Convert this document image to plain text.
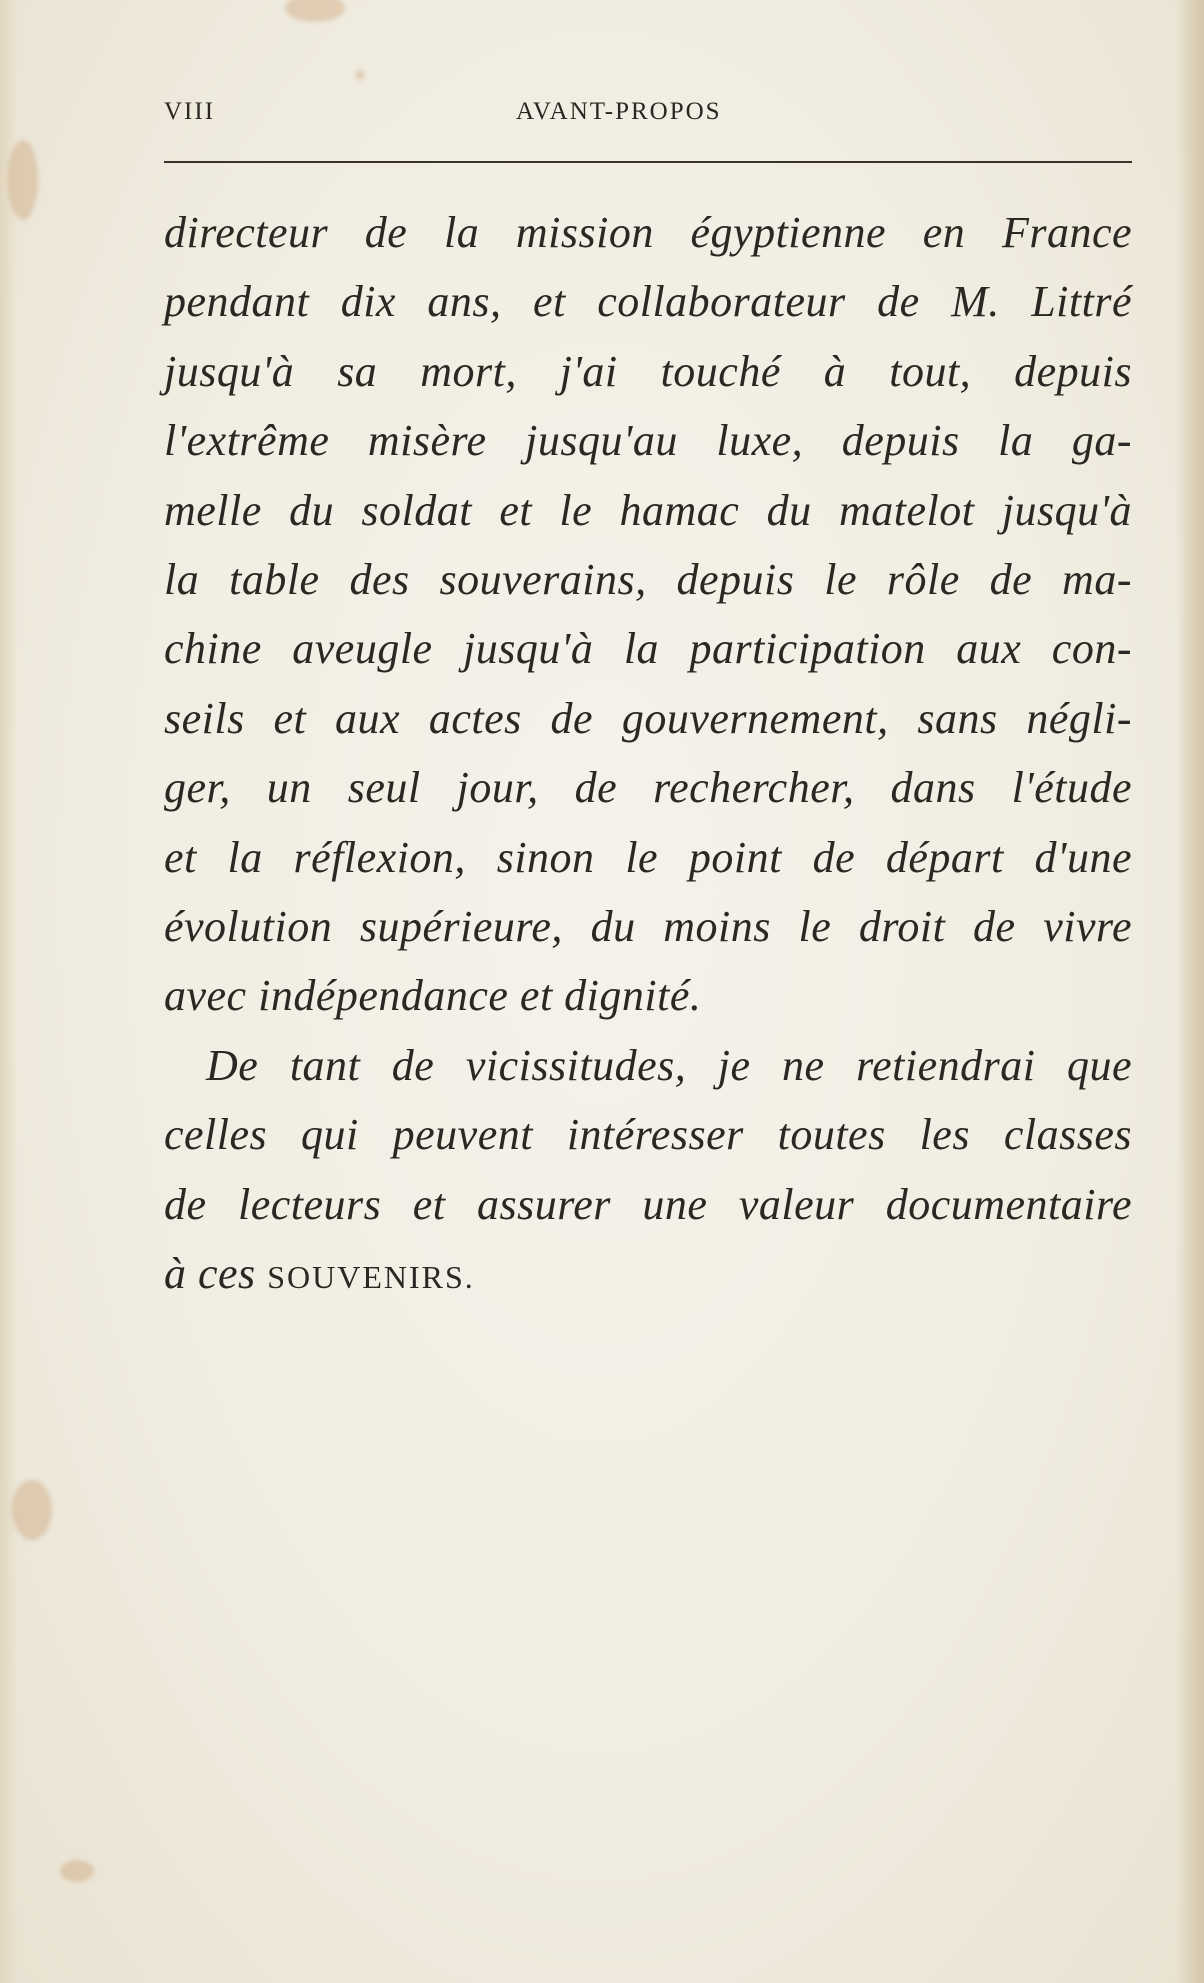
VIII	AVANT-PROPOS
directeur de la mission égyptienne en France
pendant dix ans, et collaborateur de M. Littré
jusqu'à sa mort, j'ai touché à tout, depuis
l'extrême misère jusqu'au luxe, depuis la ga-
melle du soldat et le hamac du matelot jusqu'à
la table des souverains, depuis le rôle de ma-
chine aveugle jusqu'à la participation aux con-
seils et aux actes de gouvernement, sans négli-
ger, un seul jour, de rechercher, dans l'étude
et la réflexion, sinon le point de départ d'une
évolution supérieure, du moins le droit de vivre
avec indépendance et dignité.
De tant de vicissitudes, je ne retiendrai que
celles qui peuvent intéresser toutes les classes
de lecteurs et assurer une valeur documentaire
à ces SOUVENIRS.
